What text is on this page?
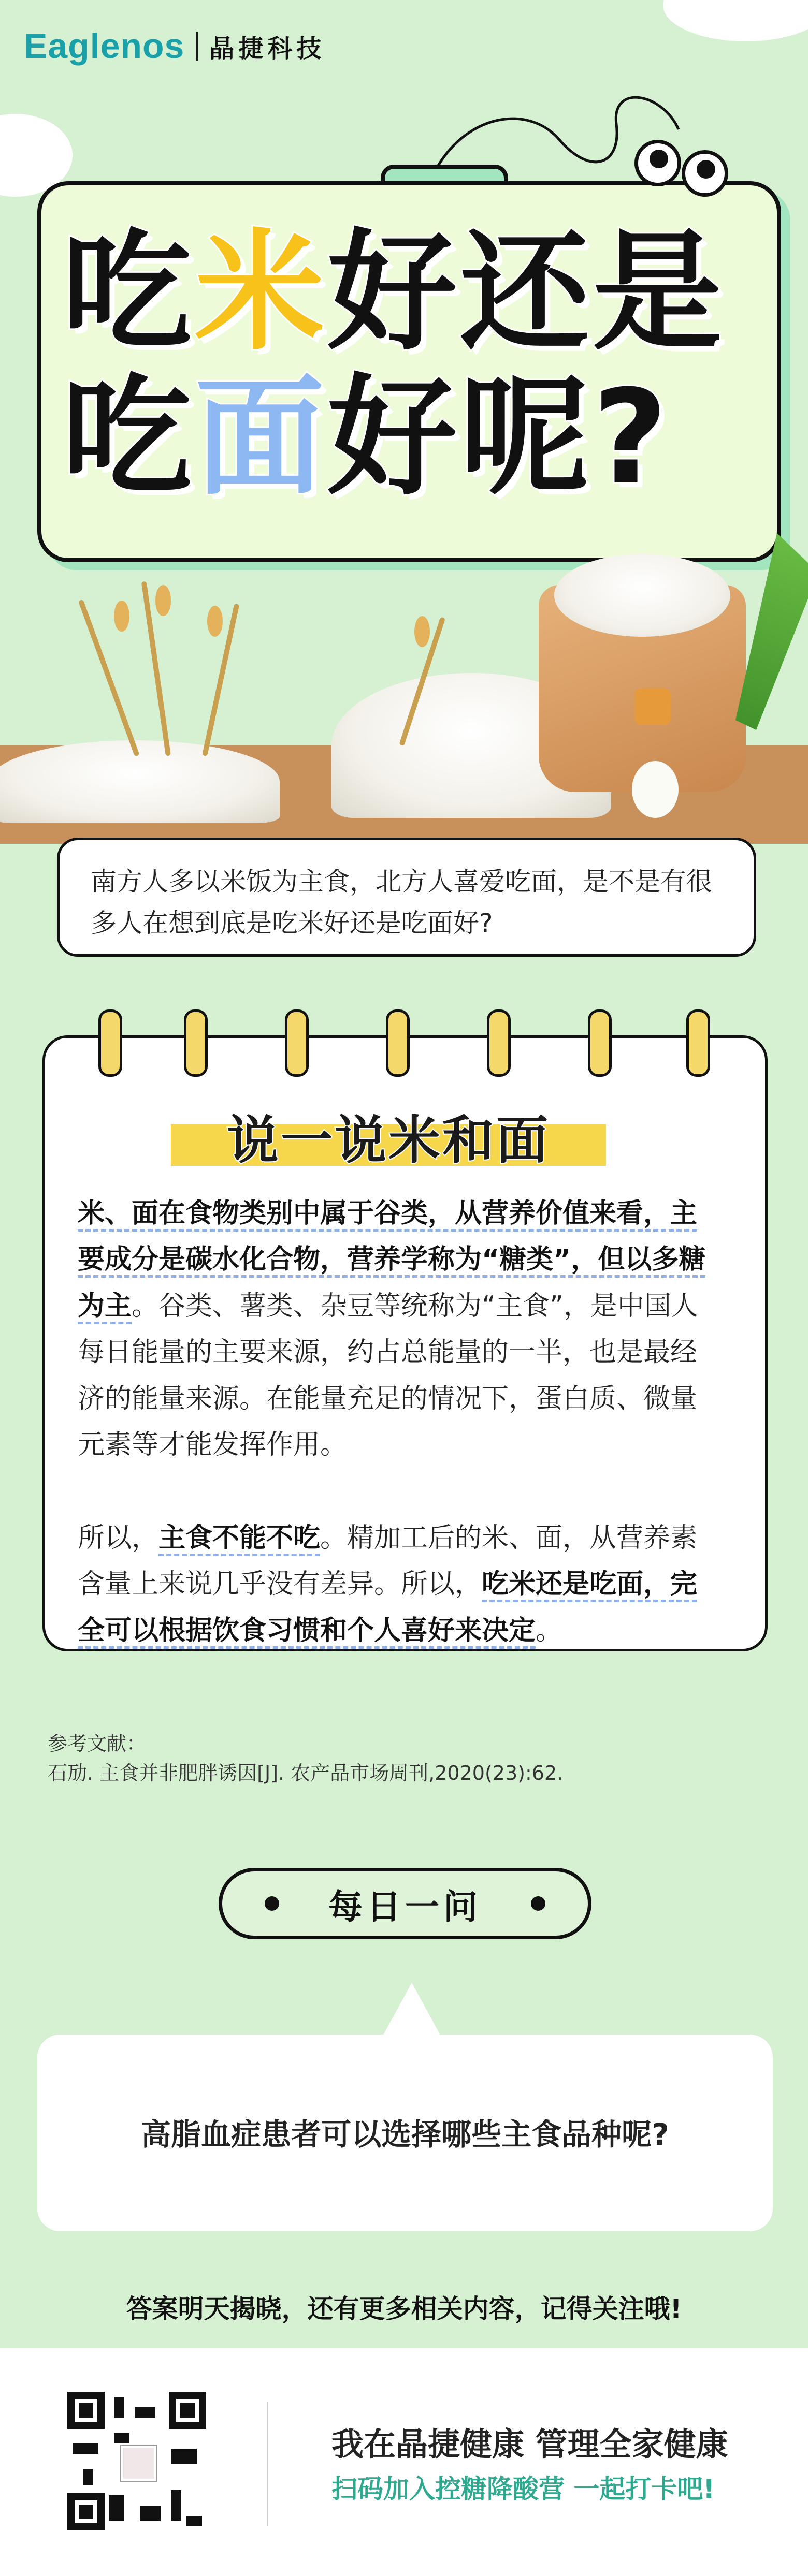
Eaglenos 晶捷科技
吃米好还是
吃面好呢?
南方人多以米饭为主食，北方人喜爱吃面，是不是有很多人在想到底是吃米好还是吃面好?
说一说米和面

米、面在食物类别中属于谷类，从营养价值来看，主要成分是碳水化合物，营养学称为“糖类”，但以多糖为主。谷类、薯类、杂豆等统称为“主食”，是中国人每日能量的主要来源，约占总能量的一半，也是最经济的能量来源。在能量充足的情况下，蛋白质、微量元素等才能发挥作用。

所以，主食不能不吃。精加工后的米、面，从营养素含量上来说几乎没有差异。所以，吃米还是吃面，完全可以根据饮食习惯和个人喜好来决定。

参考文献：
石劢. 主食并非肥胖诱因[J]. 农产品市场周刊,2020(23):62.
每日一问
高脂血症患者可以选择哪些主食品种呢?
答案明天揭晓，还有更多相关内容，记得关注哦!
我在晶捷健康 管理全家健康
扫码加入控糖降酸营 一起打卡吧!
